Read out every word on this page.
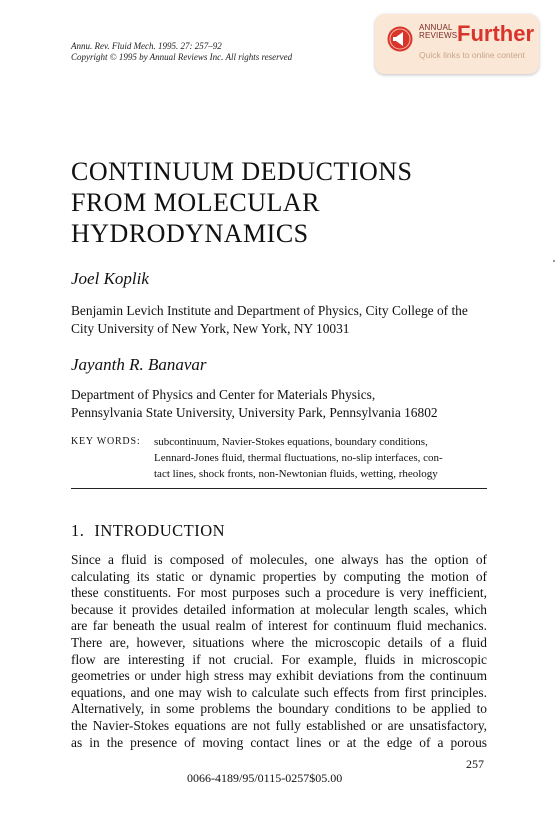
Annu. Rev. Fluid Mech. 1995. 27: 257–92
Copyright © 1995 by Annual Reviews Inc. All rights reserved
ANNUAL
REVIEWS Further
Quick links to online content
CONTINUUM DEDUCTIONS
FROM MOLECULAR
HYDRODYNAMICS
Joel Koplik
Benjamin Levich Institute and Department of Physics, City College of the
City University of New York, New York, NY 10031
Jayanth R. Banavar
Department of Physics and Center for Materials Physics,
Pennsylvania State University, University Park, Pennsylvania 16802
KEY WORDS: subcontinuum, Navier-Stokes equations, boundary conditions,
Lennard-Jones fluid, thermal fluctuations, no-slip interfaces, con-
tact lines, shock fronts, non-Newtonian fluids, wetting, rheology
1. INTRODUCTION
Since a fluid is composed of molecules, one always has the option of
calculating its static or dynamic properties by computing the motion of
these constituents. For most purposes such a procedure is very inefficient,
because it provides detailed information at molecular length scales, which
are far beneath the usual realm of interest for continuum fluid mechanics.
There are, however, situations where the microscopic details of a fluid
flow are interesting if not crucial. For example, fluids in microscopic
geometries or under high stress may exhibit deviations from the continuum
equations, and one may wish to calculate such effects from first principles.
Alternatively, in some problems the boundary conditions to be applied to
the Navier-Stokes equations are not fully established or are unsatisfactory,
as in the presence of moving contact lines or at the edge of a porous
257
0066-4189/95/0115-0257$05.00
